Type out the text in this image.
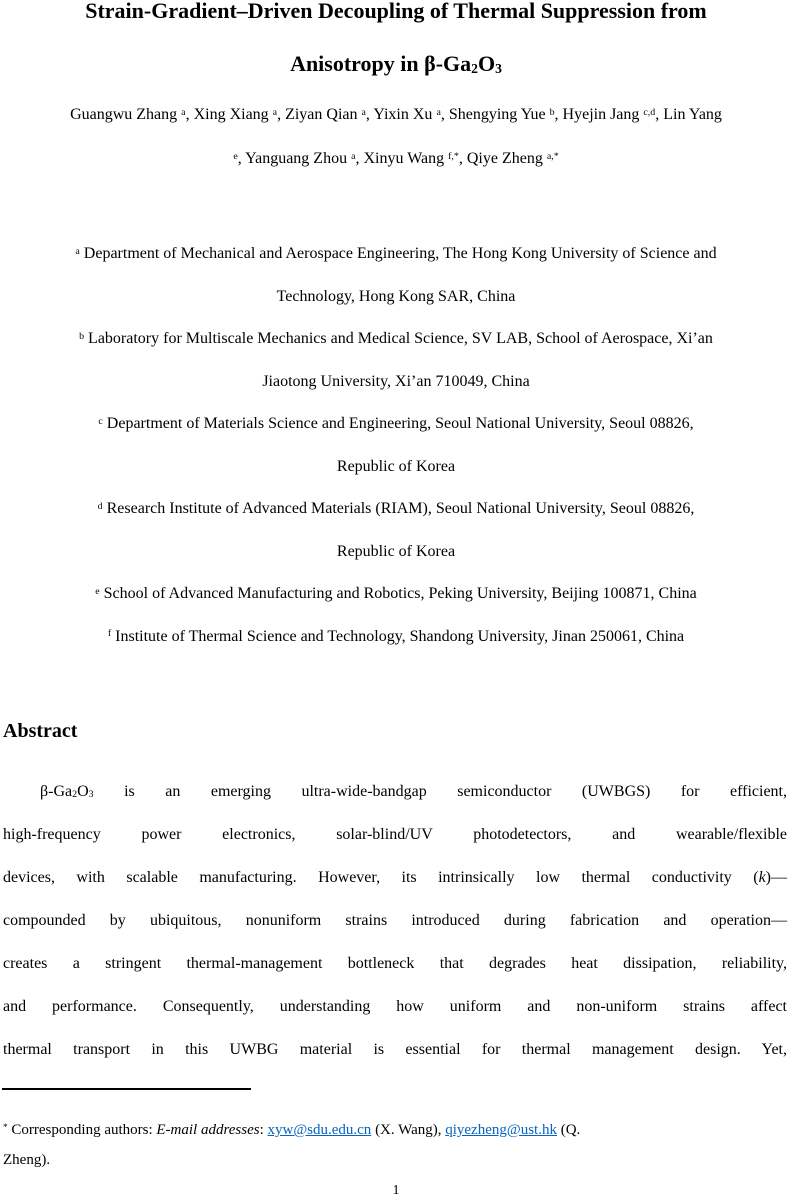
Strain-Gradient–Driven Decoupling of Thermal Suppression from
Anisotropy in $\beta-Ga_2O_3$
Guangwu Zhang $^a$, Xing Xiang $^a$, Ziyan Qian $^a$, Yixin Xu $^a$, Shengying Yue $^b$, Hyejin Jang $^{c,d}$, Lin Yang
$^e$, Yanguang Zhou $^a$, Xinyu Wang $^{f,*}$, Qiye Zheng $^{a,*}$
$^a$ Department of Mechanical and Aerospace Engineering, The Hong Kong University of Science and
Technology, Hong Kong SAR, China
$^b$ Laboratory for Multiscale Mechanics and Medical Science, SV LAB, School of Aerospace, Xi’an
Jiaotong University, Xi’an 710049, China
$^c$ Department of Materials Science and Engineering, Seoul National University, Seoul 08826,
Republic of Korea
$^d$ Research Institute of Advanced Materials (RIAM), Seoul National University, Seoul 08826,
Republic of Korea
$^e$ School of Advanced Manufacturing and Robotics, Peking University, Beijing 100871, China
$^f$ Institute of Thermal Science and Technology, Shandong University, Jinan 250061, China
Abstract
$\beta-Ga_2O_3$ is an emerging ultra-wide-bandgap semiconductor (UWBGS) for efficient,
high-frequency power electronics, solar-blind/UV photodetectors, and wearable/flexible
devices, with scalable manufacturing. However, its intrinsically low thermal conductivity (k)—
compounded by ubiquitous, nonuniform strains introduced during fabrication and operation—
creates a stringent thermal-management bottleneck that degrades heat dissipation, reliability,
and performance. Consequently, understanding how uniform and non-uniform strains affect
thermal transport in this UWBG material is essential for thermal management design. Yet,
* Corresponding authors: E-mail addresses: xyw@sdu.edu.cn (X. Wang), qiyezheng@ust.hk (Q.
Zheng).
1
